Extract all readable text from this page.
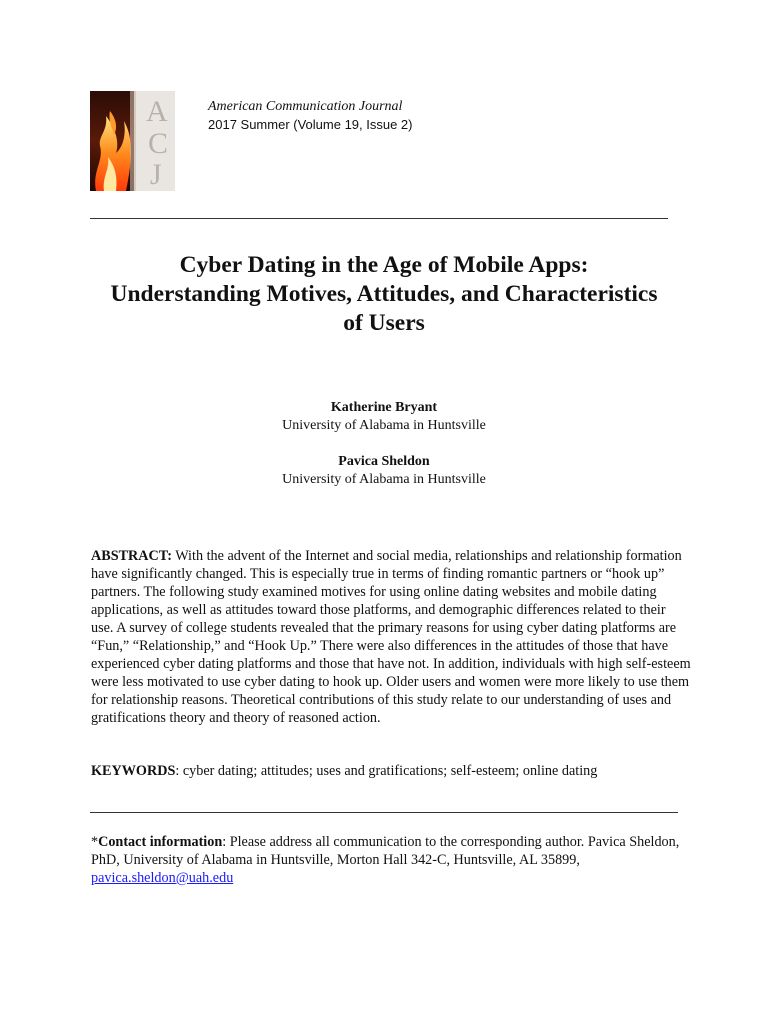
A
C
J
American Communication Journal
2017 Summer (Volume 19, Issue 2)
Cyber Dating in the Age of Mobile Apps:
Understanding Motives, Attitudes, and Characteristics
of Users
Katherine Bryant
University of Alabama in Huntsville
Pavica Sheldon
University of Alabama in Huntsville

ABSTRACT: With the advent of the Internet and social media, relationships and relationship formation have significantly changed. This is especially true in terms of finding romantic partners or “hook up” partners. The following study examined motives for using online dating websites and mobile dating applications, as well as attitudes toward those platforms, and demographic differences related to their use. A survey of college students revealed that the primary reasons for using cyber dating platforms are “Fun,” “Relationship,” and “Hook Up.” There were also differences in the attitudes of those that have experienced cyber dating platforms and those that have not. In addition, individuals with high self-esteem were less motivated to use cyber dating to hook up. Older users and women were more likely to use them for relationship reasons. Theoretical contributions of this study relate to our understanding of uses and gratifications theory and theory of reasoned action.

KEYWORDS: cyber dating; attitudes; uses and gratifications; self-esteem; online dating
*Contact information: Please address all communication to the corresponding author. Pavica Sheldon, PhD, University of Alabama in Huntsville, Morton Hall 342-C, Huntsville, AL 35899, pavica.sheldon@uah.edu
